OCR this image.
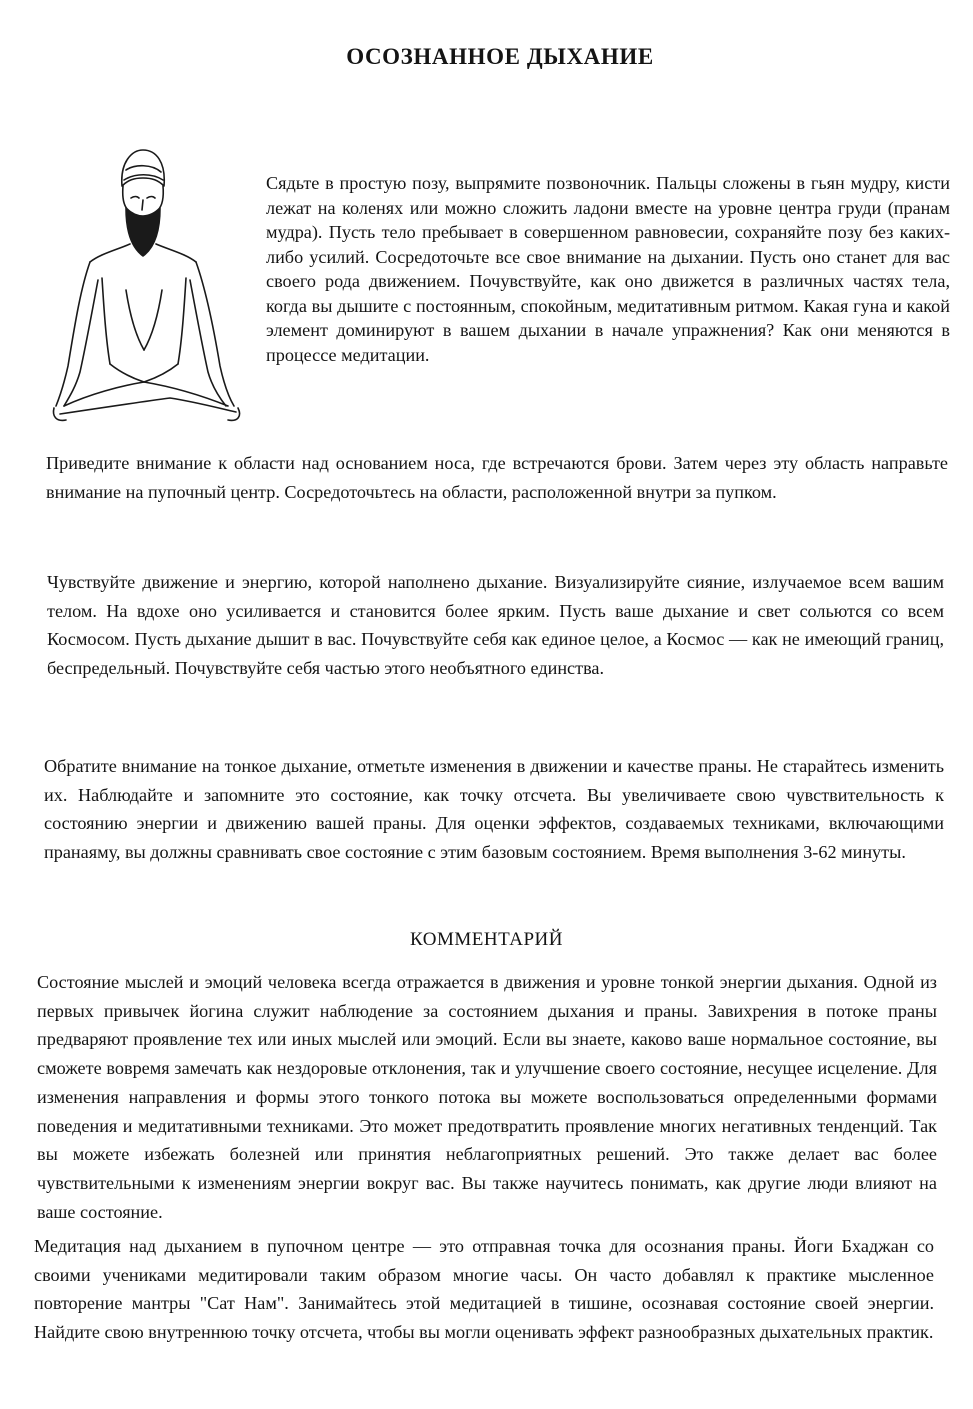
ОСОЗНАННОЕ ДЫХАНИЕ
Сядьте в простую позу, выпрямите позвоночник. Пальцы сложены в гьян мудру, кисти лежат на коленях или можно сложить ладони вместе на уровне центра груди (пранам мудра). Пусть тело пребывает в совершенном равновесии, сохраняйте позу без каких-либо усилий. Сосредоточьте все свое внимание на дыхании. Пусть оно станет для вас своего рода движением. Почувствуйте, как оно движется в различных частях тела, когда вы дышите с постоянным, спокойным, медитативным ритмом. Какая гуна и какой элемент доминируют в вашем дыхании в начале упражнения? Как они меняются в процессе медитации.
Приведите внимание к области над основанием носа, где встречаются брови. Затем через эту область направьте внимание на пупочный центр. Сосредоточьтесь на области, расположенной внутри за пупком.
Чувствуйте движение и энергию, которой наполнено дыхание. Визуализируйте сияние, излучаемое всем вашим телом. На вдохе оно усиливается и становится более ярким. Пусть ваше дыхание и свет сольются со всем Космосом. Пусть дыхание дышит в вас. Почувствуйте себя как единое целое, а Космос — как не имеющий границ, беспредельный. Почувствуйте себя частью этого необъятного единства.
Обратите внимание на тонкое дыхание, отметьте изменения в движении и качестве праны. Не старайтесь изменить их. Наблюдайте и запомните это состояние, как точку отсчета. Вы увеличиваете свою чувствительность к состоянию энергии и движению вашей праны. Для оценки эффектов, создаваемых техниками, включающими пранаяму, вы должны сравнивать свое состояние с этим базовым состоянием. Время выполнения 3-62 минуты.
КОММЕНТАРИЙ
Состояние мыслей и эмоций человека всегда отражается в движения и уровне тонкой энергии дыхания. Одной из первых привычек йогина служит наблюдение за состоянием дыхания и праны. Завихрения в потоке праны предваряют проявление тех или иных мыслей или эмоций. Если вы знаете, каково ваше нормальное состояние, вы сможете вовремя замечать как нездоровые отклонения, так и улучшение своего состояние, несущее исцеление. Для изменения направления и формы этого тонкого потока вы можете воспользоваться определенными формами поведения и медитативными техниками. Это может предотвратить проявление многих негативных тенденций. Так вы можете избежать болезней или принятия неблагоприятных решений. Это также делает вас более чувствительными к изменениям энергии вокруг вас. Вы также научитесь понимать, как другие люди влияют на ваше состояние.
Медитация над дыханием в пупочном центре — это отправная точка для осознания праны. Йоги Бхаджан со своими учениками медитировали таким образом многие часы. Он часто добавлял к практике мысленное повторение мантры "Сат Нам". Занимайтесь этой медитацией в тишине, осознавая состояние своей энергии. Найдите свою внутреннюю точку отсчета, чтобы вы могли оценивать эффект разнообразных дыхательных практик.
